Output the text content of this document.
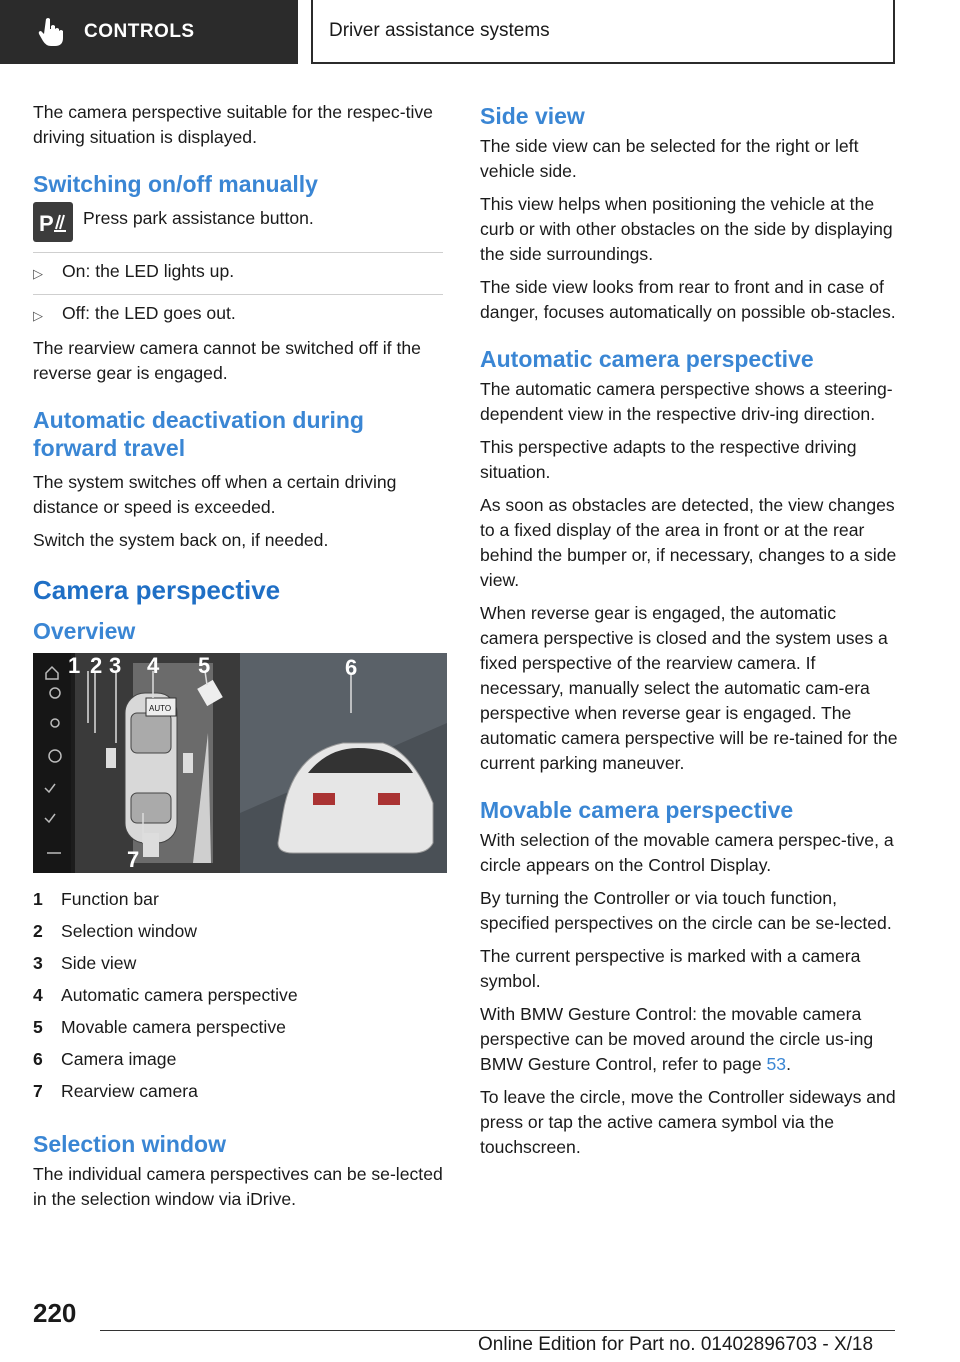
CONTROLS	Driver assistance systems

The camera perspective suitable for the respec‐tive driving situation is displayed.

Switching on/off manually
P Press park assistance button.

▷	On: the LED lights up.
▷	Off: the LED goes out.

The rearview camera cannot be switched off if the reverse gear is engaged.

Automatic deactivation during forward travel

The system switches off when a certain driving distance or speed is exceeded.

Switch the system back on, if needed.

Camera perspective
Overview
AUTO
1 2 3 4 5	6
7
1	Function bar
2	Selection window
3	Side view
4	Automatic camera perspective
5	Movable camera perspective
6	Camera image
7	Rearview camera
Selection window

The individual camera perspectives can be se‐lected in the selection window via iDrive.

Side view

The side view can be selected for the right or left vehicle side.

This view helps when positioning the vehicle at the curb or with other obstacles on the side by displaying the side surroundings.

The side view looks from rear to front and in case of danger, focuses automatically on possible ob‐stacles.

Automatic camera perspective

The automatic camera perspective shows a steering-dependent view in the respective driv‐ing direction.

This perspective adapts to the respective driving situation.

As soon as obstacles are detected, the view changes to a fixed display of the area in front or at the rear behind the bumper or, if necessary, changes to a side view.

When reverse gear is engaged, the automatic camera perspective is closed and the system uses a fixed perspective of the rearview camera. If necessary, manually select the automatic cam‐era perspective when reverse gear is engaged. The automatic camera perspective will be re‐tained for the current parking maneuver.

Movable camera perspective

With selection of the movable camera perspec‐tive, a circle appears on the Control Display.

By turning the Controller or via touch function, specified perspectives on the circle can be se‐lected.

The current perspective is marked with a camera symbol.

With BMW Gesture Control: the movable camera perspective can be moved around the circle us‐ing BMW Gesture Control, refer to page 53.

To leave the circle, move the Controller sideways and press or tap the active camera symbol via the touchscreen.

220
Online Edition for Part no. 01402896703 - X/18
